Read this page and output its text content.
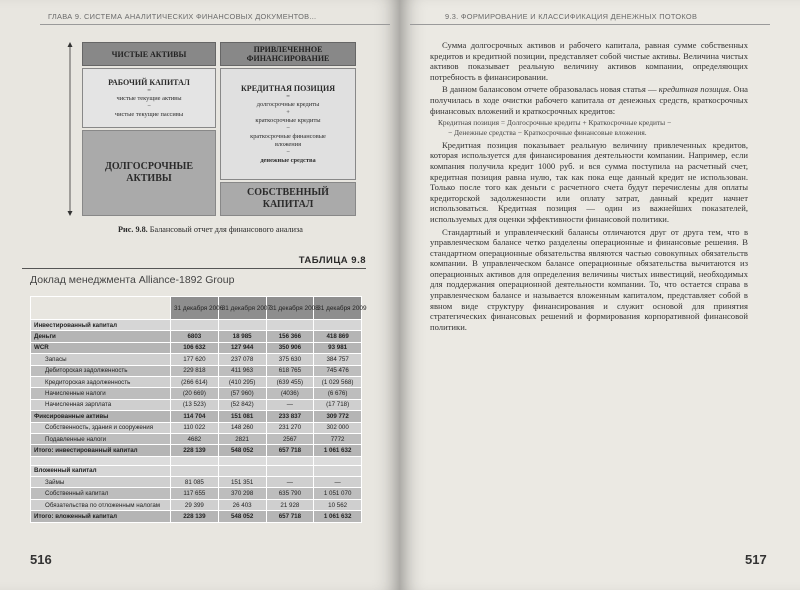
ГЛАВА 9. СИСТЕМА АНАЛИТИЧЕСКИХ ФИНАНСОВЫХ ДОКУМЕНТОВ...
ЧИСТЫЕ АКТИВЫ	ПРИВЛЕЧЕННОЕ
ФИНАНСИРОВАНИЕ
РАБОЧИЙ КАПИТАЛ
=
чистые текущие активы
−
чистые текущие пассивы
ДОЛГОСРОЧНЫЕ
АКТИВЫ
КРЕДИТНАЯ ПОЗИЦИЯ
=
долгосрочные кредиты
+
краткосрочные кредиты
−
краткосрочные финансовые
вложения
−
денежные средства
СОБСТВЕННЫЙ
КАПИТАЛ
Рис. 9.8. Балансовый отчет для финансового анализа
ТАБЛИЦА 9.8
Доклад менеджмента Alliance-1892 Group
	31 декабря 2006	31 декабря 2007	31 декабря 2008	31 декабря 2009
Инвестированный капитал				
Деньги	6803	18 985	156 366	418 869
WCR	106 632	127 944	350 906	93 981
Запасы	177 620	237 078	375 630	384 757
Дебиторская задолженность	229 818	411 963	618 765	745 476
Кредиторская задолженность	(266 614)	(410 295)	(639 455)	(1 029 568)
Начисленные налоги	(20 669)	(57 960)	(4036)	(6 676)
Начисленная зарплата	(13 523)	(52 842)	—	(17 718)
Фиксированные активы	114 704	151 081	233 837	309 772
Собственность, здания и сооружения	110 022	148 260	231 270	302 000
Подавленные налоги	4682	2821	2567	7772
Итого: инвестированный капитал	228 139	548 052	657 718	1 061 632

Вложенный капитал				
Займы	81 085	151 351	—	—
Собственный капитал	117 655	370 298	635 790	1 051 070
Обязательства по отложенным налогам	29 399	26 403	21 928	10 562
Итого: вложенный капитал	228 139	548 052	657 718	1 061 632
516
9.3. ФОРМИРОВАНИЕ И КЛАССИФИКАЦИЯ ДЕНЕЖНЫХ ПОТОКОВ

Сумма долгосрочных активов и рабочего капитала, равная сумме собственных кредитов и кредитной позиции, представляет собой чистые активы. Величина чистых активов показывает реальную величину активов компании, определяющих потребность в финансировании.

В данном балансовом отчете образовалась новая статья — кредитная позиция. Она получилась в ходе очистки рабочего капитала от денежных средств, краткосрочных финансовых вложений и краткосрочных кредитов:

Кредитная позиция = Долгосрочные кредиты + Краткосрочные кредиты −
− Денежные средства − Краткосрочные финансовые вложения.

Кредитная позиция показывает реальную величину привлеченных кредитов, которая используется для финансирования деятельности компании. Например, если компания получила кредит 1000 руб. и вся сумма поступила на расчетный счет, кредитная позиция равна нулю, так как пока еще данный кредит не использован. Только после того как деньги с расчетного счета будут перечислены для оплаты кредиторской задолженности или оплату затрат, данный кредит начнет использоваться. Кредитная позиция — один из важнейших показателей, используемых для оценки эффективности финансовой политики.

Стандартный и управленческий балансы отличаются друг от друга тем, что в управленческом балансе четко разделены операционные и финансовые решения. В стандартном операционные обязательства являются частью совокупных обязательств компании. В управленческом балансе операционные обязательства вычитаются из операционных активов для определения величины чистых инвестиций, необходимых для поддержания операционной деятельности компании. То, что остается справа в управленческом балансе и называется вложенным капиталом, представляет собой в явном виде структуру финансирования и служит основой для принятия стратегических финансовых решений и формирования корпоративной финансовой политики.

517
